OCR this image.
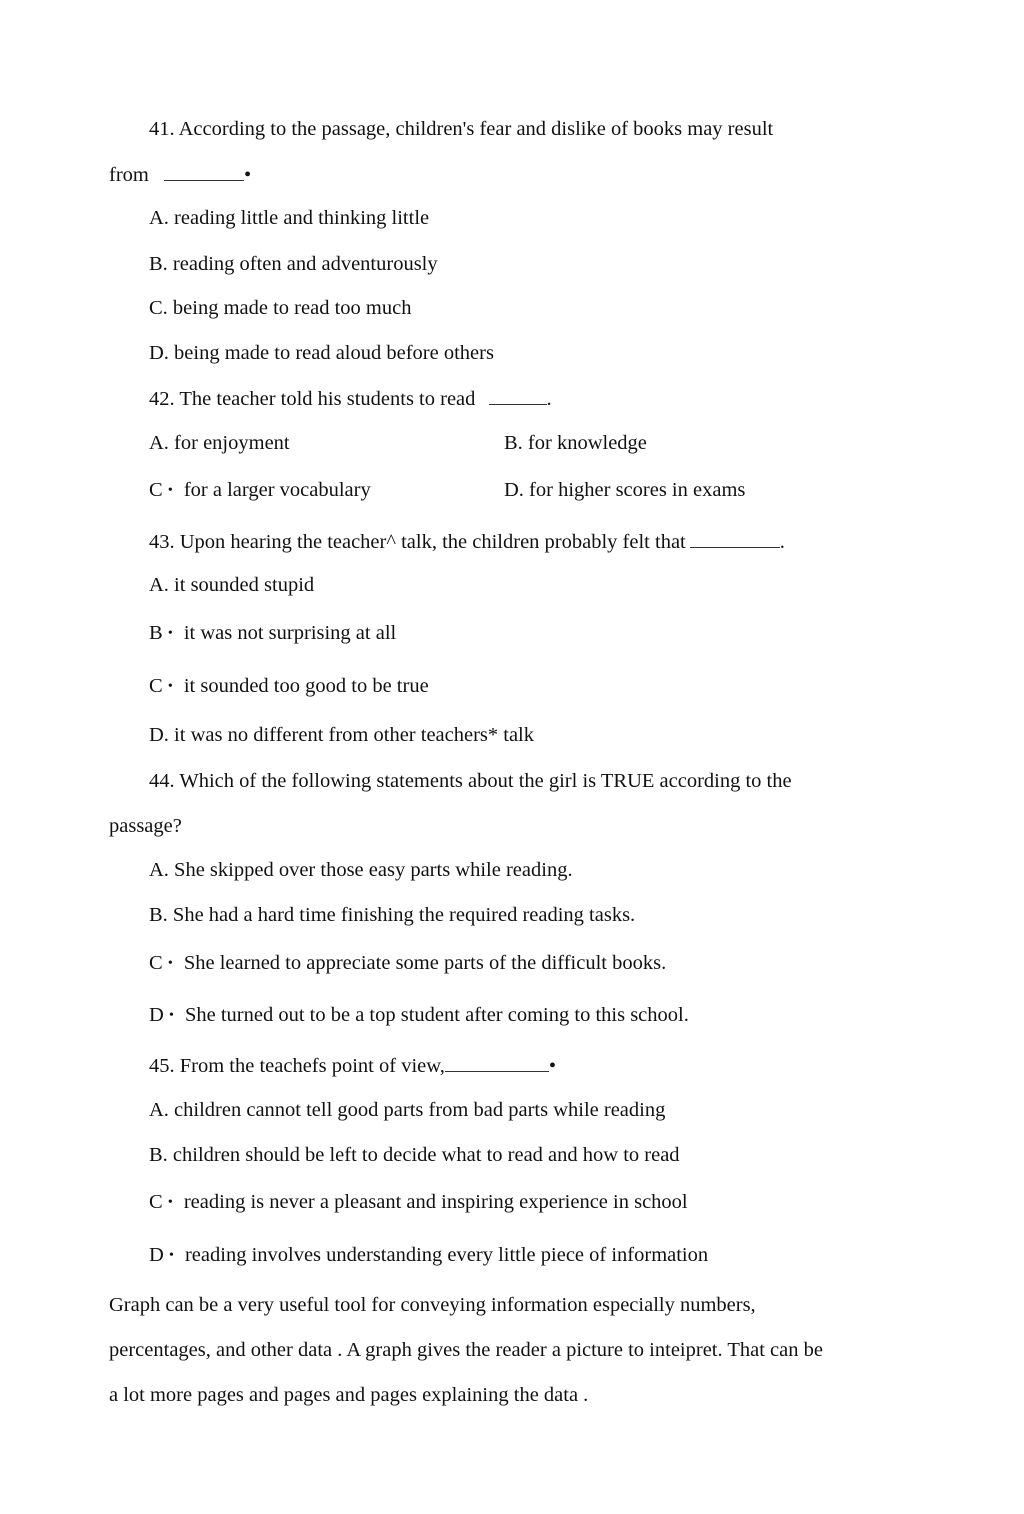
41. According to the passage, children's fear and dislike of books may result
from	•
A. reading little and thinking little
B. reading often and adventurously
C. being made to read too much
D. being made to read aloud before others
42. The teacher told his students to read	.
A. for enjoyment	B. for knowledge
C • for a larger vocabulary	D. for higher scores in exams
43. Upon hearing the teacher^ talk, the children probably felt that	.
A. it sounded stupid
B • it was not surprising at all
C • it sounded too good to be true
D. it was no different from other teachers* talk
44. Which of the following statements about the girl is TRUE according to the
passage?
A. She skipped over those easy parts while reading.
B. She had a hard time finishing the required reading tasks.
C • She learned to appreciate some parts of the difficult books.
D • She turned out to be a top student after coming to this school.
45. From the teachefs point of view,	•
A. children cannot tell good parts from bad parts while reading
B. children should be left to decide what to read and how to read
C • reading is never a pleasant and inspiring experience in school
D • reading involves understanding every little piece of information
Graph can be a very useful tool for conveying information especially numbers,
percentages, and other data . A graph gives the reader a picture to inteipret. That can be
a lot more pages and pages and pages explaining the data .
